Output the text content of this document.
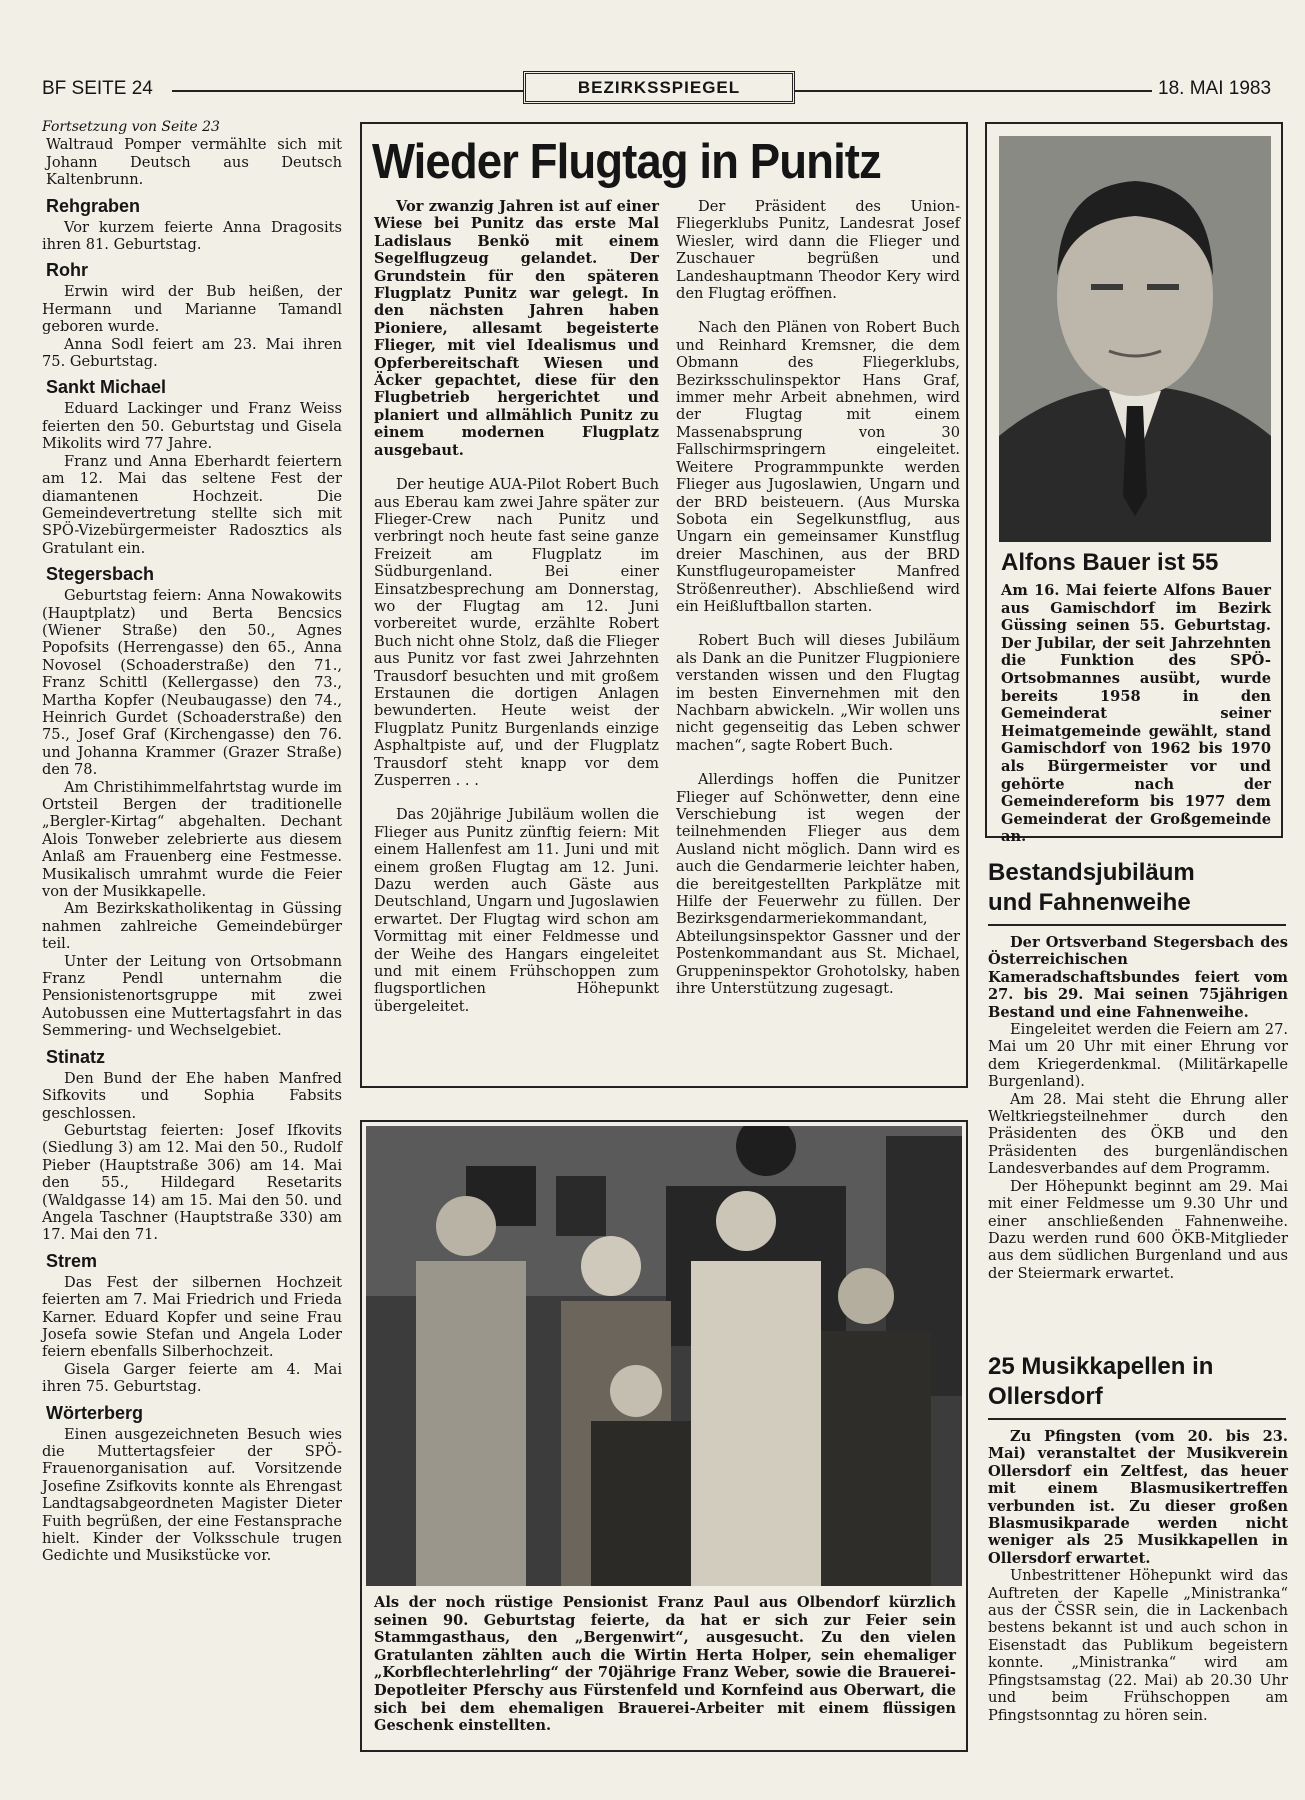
BF SEITE 24	BEZIRKSSPIEGEL	18. MAI 1983

Fortsetzung von Seite 23

Waltraud Pomper vermählte sich mit Johann Deutsch aus Deutsch Kaltenbrunn.

Rehgraben

Vor kurzem feierte Anna Dragosits ihren 81. Geburtstag.

Rohr

Erwin wird der Bub heißen, der Hermann und Marianne Tamandl geboren wurde.

Anna Sodl feiert am 23. Mai ihren 75. Geburtstag.

Sankt Michael

Eduard Lackinger und Franz Weiss feierten den 50. Geburtstag und Gisela Mikolits wird 77 Jahre.

Franz und Anna Eberhardt feiertern am 12. Mai das seltene Fest der diamantenen Hochzeit. Die Gemeindevertretung stellte sich mit SPÖ-Vizebürgermeister Radosztics als Gratulant ein.

Stegersbach

Geburtstag feiern: Anna Nowakowits (Hauptplatz) und Berta Bencsics (Wiener Straße) den 50., Agnes Popofsits (Herrengasse) den 65., Anna Novosel (Schoaderstraße) den 71., Franz Schittl (Kellergasse) den 73., Martha Kopfer (Neubaugasse) den 74., Heinrich Gurdet (Schoaderstraße) den 75., Josef Graf (Kirchengasse) den 76. und Johanna Krammer (Grazer Straße) den 78.

Am Christihimmelfahrtstag wurde im Ortsteil Bergen der traditionelle „Bergler-Kirtag“ abgehalten. Dechant Alois Tonweber zelebrierte aus diesem Anlaß am Frauenberg eine Festmesse. Musikalisch umrahmt wurde die Feier von der Musikkapelle.

Am Bezirkskatholikentag in Güssing nahmen zahlreiche Gemeindebürger teil.

Unter der Leitung von Ortsobmann Franz Pendl unternahm die Pensionistenortsgruppe mit zwei Autobussen eine Muttertagsfahrt in das Semmering- und Wechselgebiet.

Stinatz

Den Bund der Ehe haben Manfred Sifkovits und Sophia Fabsits geschlossen.

Geburtstag feierten: Josef Ifkovits (Siedlung 3) am 12. Mai den 50., Rudolf Pieber (Hauptstraße 306) am 14. Mai den 55., Hildegard Resetarits (Waldgasse 14) am 15. Mai den 50. und Angela Taschner (Hauptstraße 330) am 17. Mai den 71.

Strem

Das Fest der silbernen Hochzeit feierten am 7. Mai Friedrich und Frieda Karner. Eduard Kopfer und seine Frau Josefa sowie Stefan und Angela Loder feiern ebenfalls Silberhochzeit.

Gisela Garger feierte am 4. Mai ihren 75. Geburtstag.

Wörterberg

Einen ausgezeichneten Besuch wies die Muttertagsfeier der SPÖ-Frauenorganisation auf. Vorsitzende Josefine Zsifkovits konnte als Ehrengast Landtagsabgeordneten Magister Dieter Fuith begrüßen, der eine Festansprache hielt. Kinder der Volksschule trugen Gedichte und Musikstücke vor.

Wieder Flugtag in Punitz

Vor zwanzig Jahren ist auf einer Wiese bei Punitz das erste Mal Ladislaus Benkö mit einem Segelflugzeug gelandet. Der Grundstein für den späteren Flugplatz Punitz war gelegt. In den nächsten Jahren haben Pioniere, allesamt begeisterte Flieger, mit viel Idealismus und Opferbereitschaft Wiesen und Äcker gepachtet, diese für den Flugbetrieb hergerichtet und planiert und allmählich Punitz zu einem modernen Flugplatz ausgebaut.

Der heutige AUA-Pilot Robert Buch aus Eberau kam zwei Jahre später zur Flieger-Crew nach Punitz und verbringt noch heute fast seine ganze Freizeit am Flugplatz im Südburgenland. Bei einer Einsatzbesprechung am Donnerstag, wo der Flugtag am 12. Juni vorbereitet wurde, erzählte Robert Buch nicht ohne Stolz, daß die Flieger aus Punitz vor fast zwei Jahrzehnten Trausdorf besuchten und mit großem Erstaunen die dortigen Anlagen bewunderten. Heute weist der Flugplatz Punitz Burgenlands einzige Asphaltpiste auf, und der Flugplatz Trausdorf steht knapp vor dem Zusperren . . .

Das 20jährige Jubiläum wollen die Flieger aus Punitz zünftig feiern: Mit einem Hallenfest am 11. Juni und mit einem großen Flugtag am 12. Juni. Dazu werden auch Gäste aus Deutschland, Ungarn und Jugoslawien erwartet. Der Flugtag wird schon am Vormittag mit einer Feldmesse und der Weihe des Hangars eingeleitet und mit einem Frühschoppen zum flugsportlichen Höhepunkt übergeleitet.

Der Präsident des Union-Fliegerklubs Punitz, Landesrat Josef Wiesler, wird dann die Flieger und Zuschauer begrüßen und Landeshauptmann Theodor Kery wird den Flugtag eröffnen.

Nach den Plänen von Robert Buch und Reinhard Kremsner, die dem Obmann des Fliegerklubs, Bezirksschulinspektor Hans Graf, immer mehr Arbeit abnehmen, wird der Flugtag mit einem Massenabsprung von 30 Fallschirmspringern eingeleitet. Weitere Programmpunkte werden Flieger aus Jugoslawien, Ungarn und der BRD beisteuern. (Aus Murska Sobota ein Segelkunstflug, aus Ungarn ein gemeinsamer Kunstflug dreier Maschinen, aus der BRD Kunstflugeuropameister Manfred Strößenreuther). Abschließend wird ein Heißluftballon starten.

Robert Buch will dieses Jubiläum als Dank an die Punitzer Flugpioniere verstanden wissen und den Flugtag im besten Einvernehmen mit den Nachbarn abwickeln. „Wir wollen uns nicht gegenseitig das Leben schwer machen“, sagte Robert Buch.

Allerdings hoffen die Punitzer Flieger auf Schönwetter, denn eine Verschiebung ist wegen der teilnehmenden Flieger aus dem Ausland nicht möglich. Dann wird es auch die Gendarmerie leichter haben, die bereitgestellten Parkplätze mit Hilfe der Feuerwehr zu füllen. Der Bezirksgendarmeriekommandant, Abteilungsinspektor Gassner und der Postenkommandant aus St. Michael, Gruppeninspektor Grohotolsky, haben ihre Unterstützung zugesagt.

Als der noch rüstige Pensionist Franz Paul aus Olbendorf kürzlich seinen 90. Geburtstag feierte, da hat er sich zur Feier sein Stammgasthaus, den „Bergenwirt“, ausgesucht. Zu den vielen Gratulanten zählten auch die Wirtin Herta Holper, sein ehemaliger „Korbflechterlehrling“ der 70jährige Franz Weber, sowie die Brauerei-Depotleiter Pferschy aus Fürstenfeld und Kornfeind aus Oberwart, die sich bei dem ehemaligen Brauerei-Arbeiter mit einem flüssigen Geschenk einstellten.
Alfons Bauer ist 55
Am 16. Mai feierte Alfons Bauer aus Gamischdorf im Bezirk Güssing seinen 55. Geburtstag. Der Jubilar, der seit Jahrzehnten die Funktion des SPÖ-Ortsobmannes ausübt, wurde bereits 1958 in den Gemeinderat seiner Heimatgemeinde gewählt, stand Gamischdorf von 1962 bis 1970 als Bürgermeister vor und gehörte nach der Gemeindereform bis 1977 dem Gemeinderat der Großgemeinde an.
Bestandsjubiläum
und Fahnenweihe

Der Ortsverband Stegersbach des Österreichischen Kameradschaftsbundes feiert vom 27. bis 29. Mai seinen 75jährigen Bestand und eine Fahnenweihe.

Eingeleitet werden die Feiern am 27. Mai um 20 Uhr mit einer Ehrung vor dem Kriegerdenkmal. (Militärkapelle Burgenland).

Am 28. Mai steht die Ehrung aller Weltkriegsteilnehmer durch den Präsidenten des ÖKB und den Präsidenten des burgenländischen Landesverbandes auf dem Programm.

Der Höhepunkt beginnt am 29. Mai mit einer Feldmesse um 9.30 Uhr und einer anschließenden Fahnenweihe. Dazu werden rund 600 ÖKB-Mitglieder aus dem südlichen Burgenland und aus der Steiermark erwartet.

25 Musikkapellen in
Ollersdorf

Zu Pfingsten (vom 20. bis 23. Mai) veranstaltet der Musikverein Ollersdorf ein Zeltfest, das heuer mit einem Blasmusikertreffen verbunden ist. Zu dieser großen Blasmusikparade werden nicht weniger als 25 Musikkapellen in Ollersdorf erwartet.

Unbestrittener Höhepunkt wird das Auftreten der Kapelle „Ministranka“ aus der ČSSR sein, die in Lackenbach bestens bekannt ist und auch schon in Eisenstadt das Publikum begeistern konnte. „Ministranka“ wird am Pfingstsamstag (22. Mai) ab 20.30 Uhr und beim Frühschoppen am Pfingstsonntag zu hören sein.
